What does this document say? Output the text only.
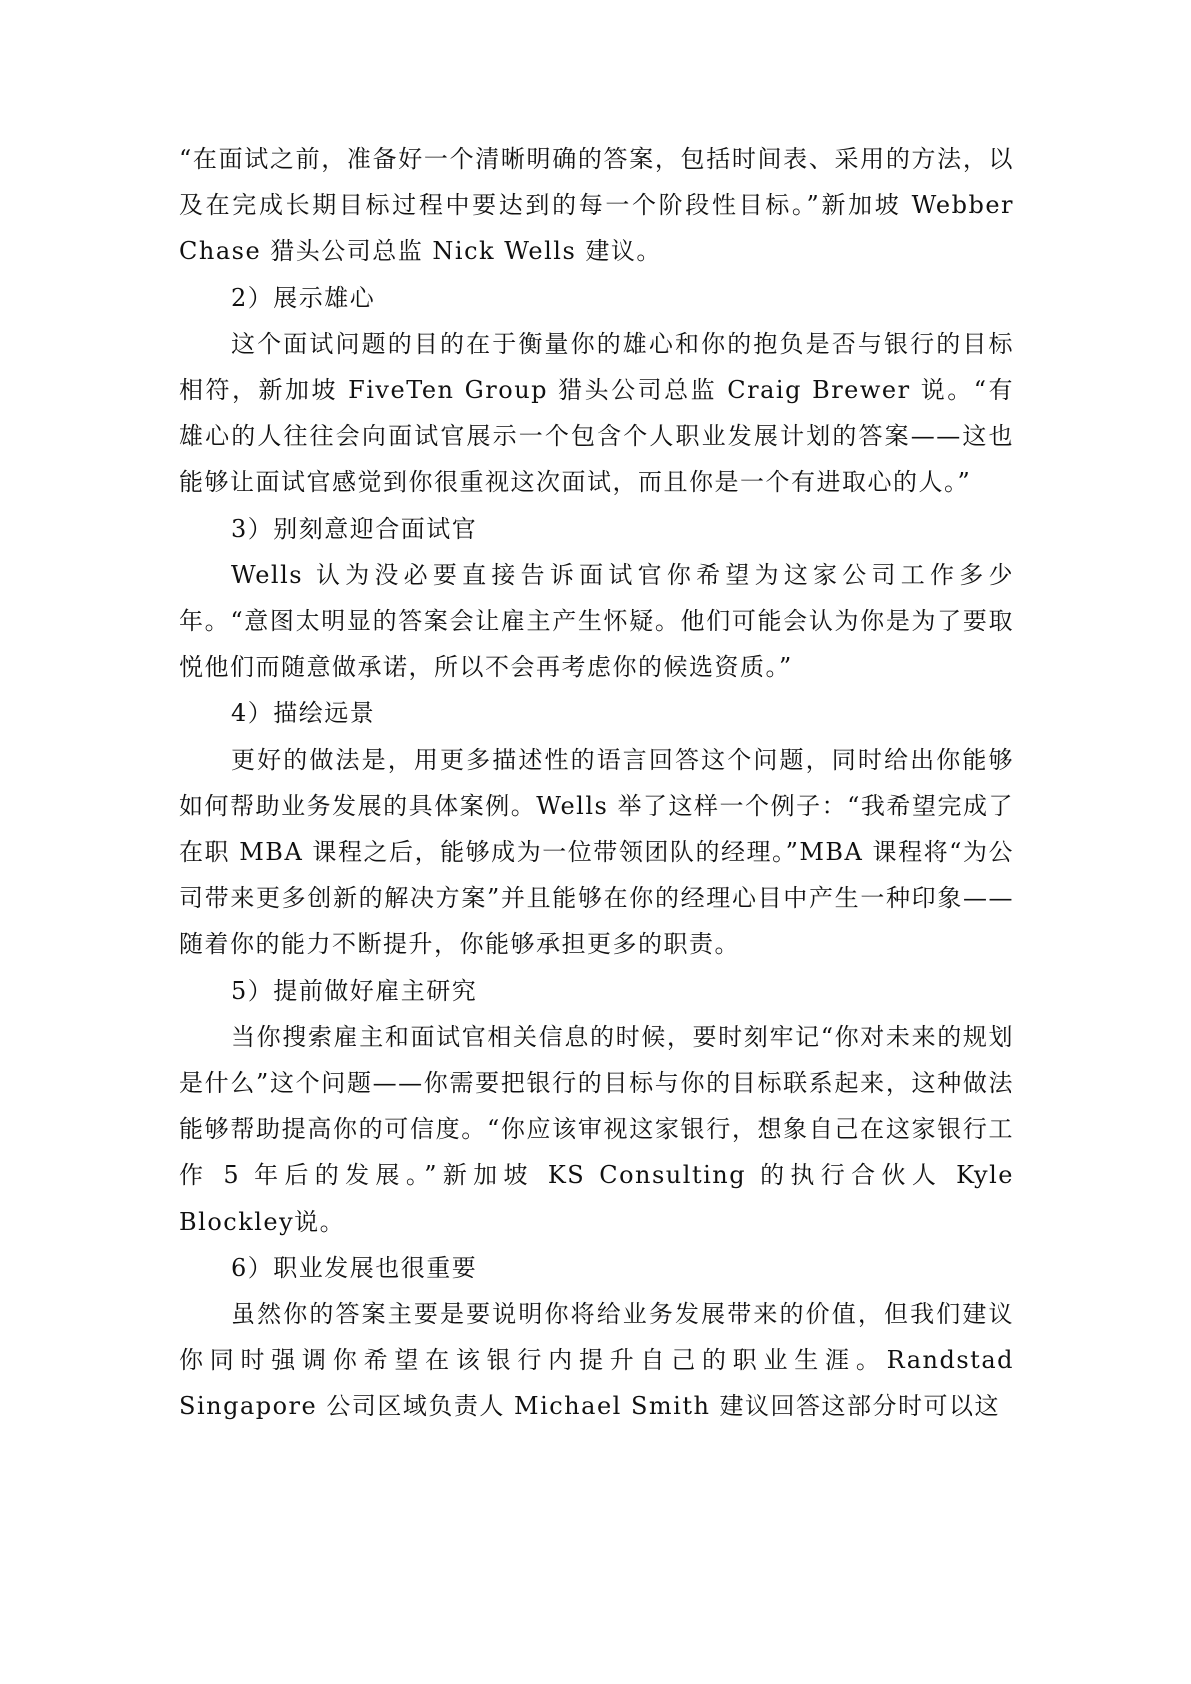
“在面试之前，准备好一个清晰明确的答案，包括时间表、采用的方法，以及在完成长期目标过程中要达到的每一个阶段性目标。”新加坡 Webber Chase 猎头公司总监 Nick Wells 建议。

2）展示雄心

这个面试问题的目的在于衡量你的雄心和你的抱负是否与银行的目标相符，新加坡 FiveTen Group 猎头公司总监 Craig Brewer 说。“有雄心的人往往会向面试官展示一个包含个人职业发展计划的答案——这也能够让面试官感觉到你很重视这次面试，而且你是一个有进取心的人。”

3）别刻意迎合面试官

Wells 认为没必要直接告诉面试官你希望为这家公司工作多少年。“意图太明显的答案会让雇主产生怀疑。他们可能会认为你是为了要取悦他们而随意做承诺，所以不会再考虑你的候选资质。”

4）描绘远景

更好的做法是，用更多描述性的语言回答这个问题，同时给出你能够如何帮助业务发展的具体案例。Wells 举了这样一个例子：“我希望完成了在职 MBA 课程之后，能够成为一位带领团队的经理。”MBA 课程将“为公司带来更多创新的解决方案”并且能够在你的经理心目中产生一种印象——随着你的能力不断提升，你能够承担更多的职责。

5）提前做好雇主研究

当你搜索雇主和面试官相关信息的时候，要时刻牢记“你对未来的规划是什么”这个问题——你需要把银行的目标与你的目标联系起来，这种做法能够帮助提高你的可信度。“你应该审视这家银行，想象自己在这家银行工作 5 年后的发展。”新加坡 KS Consulting 的执行合伙人 Kyle Blockley说。

6）职业发展也很重要

虽然你的答案主要是要说明你将给业务发展带来的价值，但我们建议你同时强调你希望在该银行内提升自己的职业生涯。Randstad Singapore 公司区域负责人 Michael Smith 建议回答这部分时可以这
